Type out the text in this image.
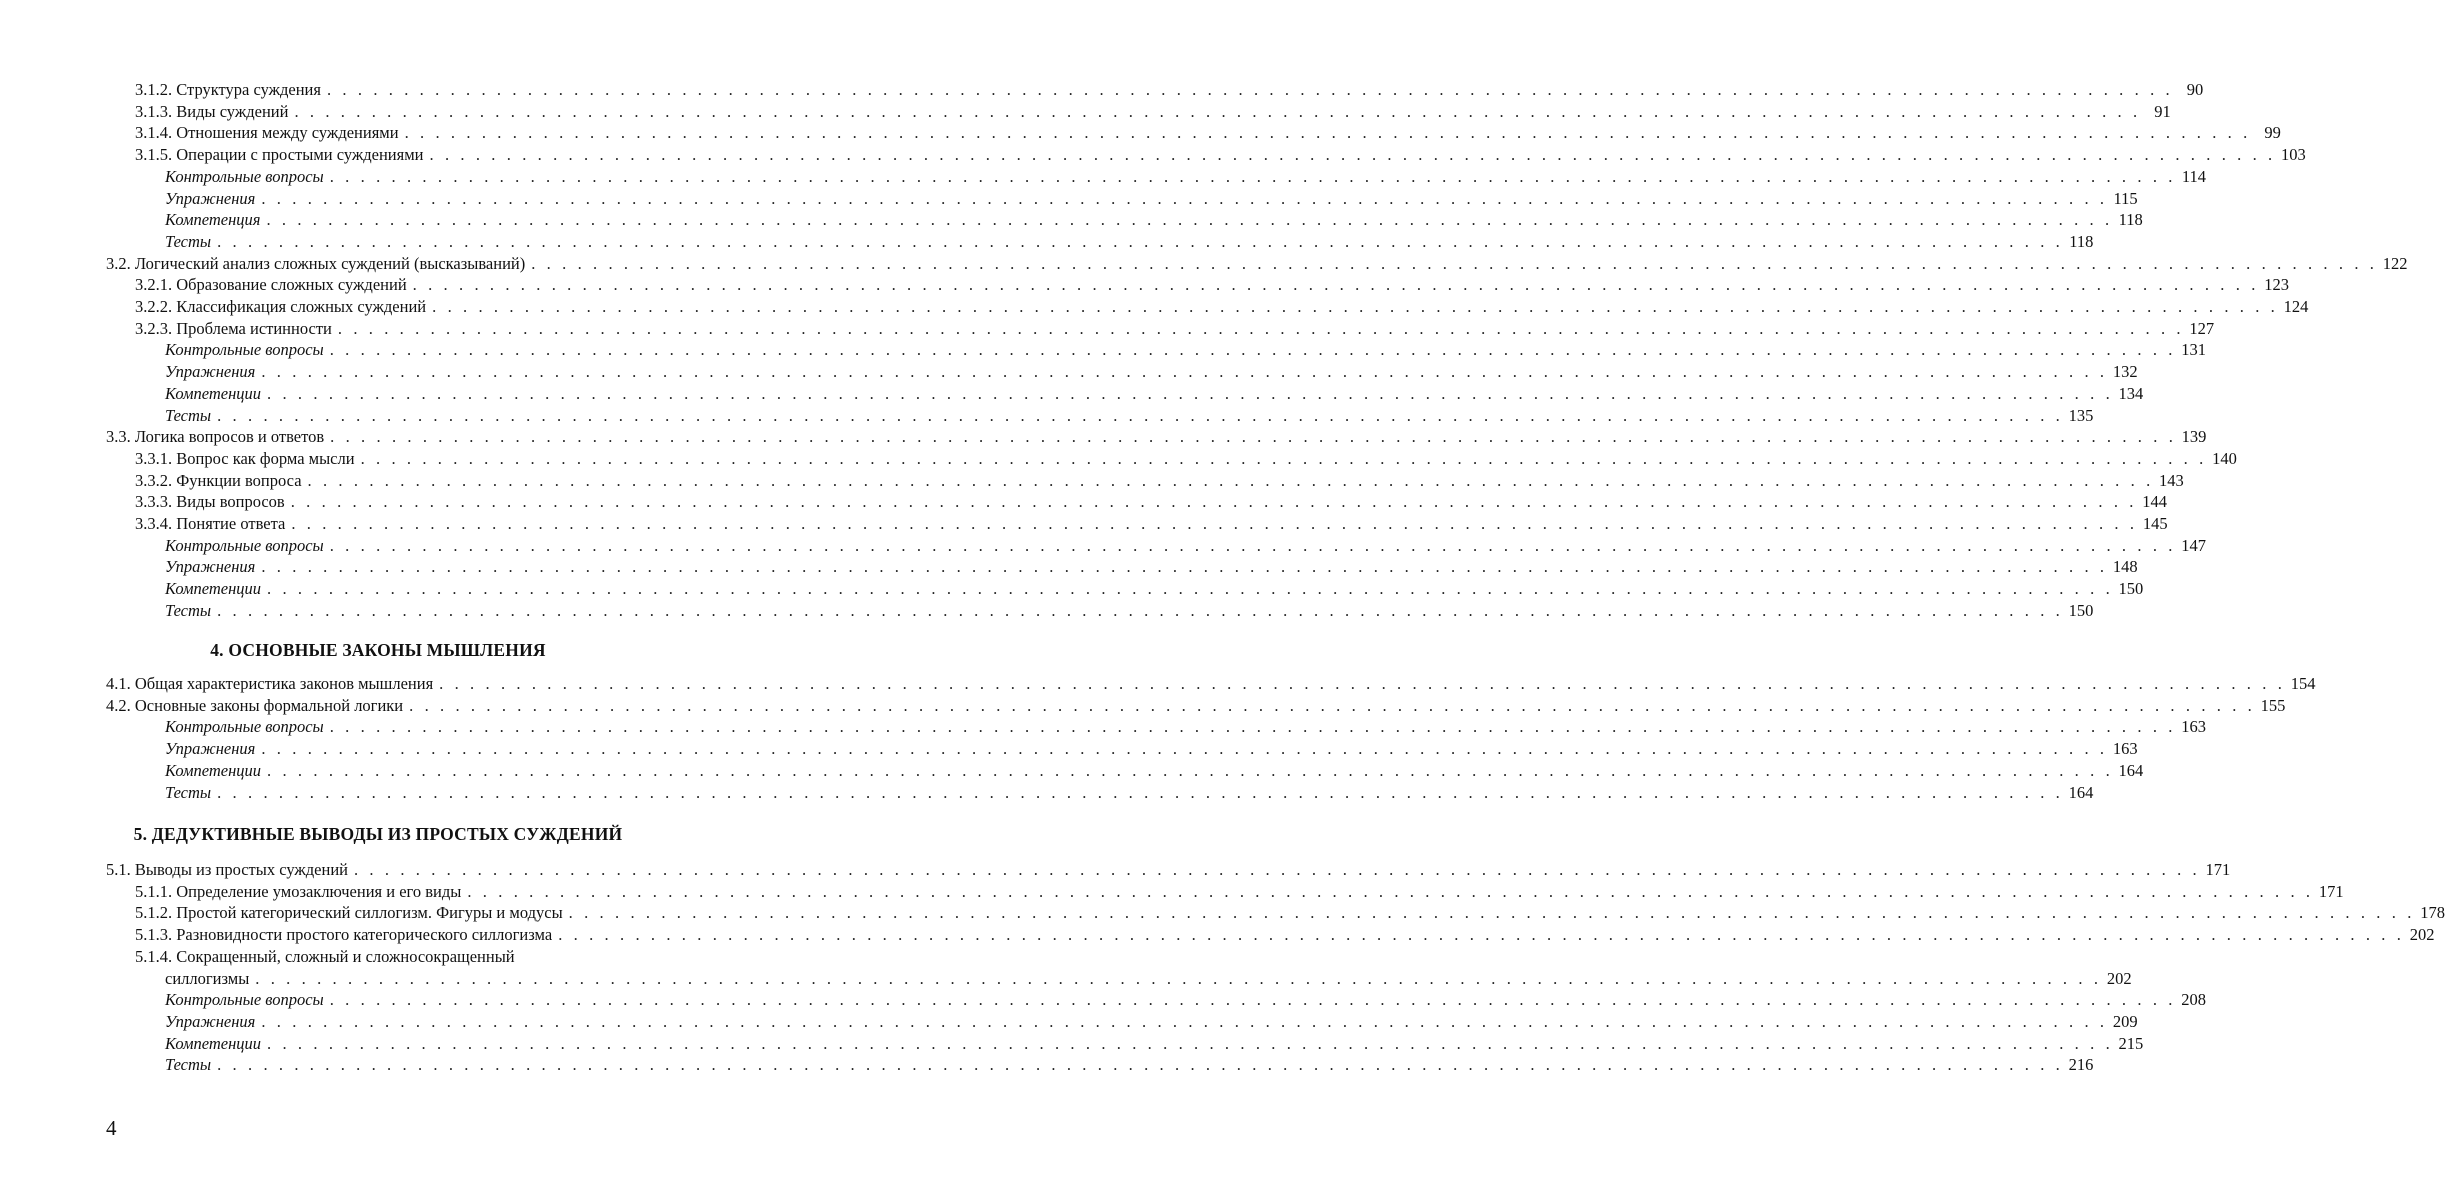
3.1.2. Структура суждения . . . . . . . . . . . . . . . . . . . . . . . . . . . . . . . . . . . . . . . . . . . . . . . . . . . . . . . . . . . . . . . . . . . . . . . . . . . . . . . . . . . . . . . . . . . . . . . . . . . . . . . . . . . . . . . . . . . . . . . . 90
3.1.3. Виды суждений . . . . . . . . . . . . . . . . . . . . . . . . . . . . . . . . . . . . . . . . . . . . . . . . . . . . . . . . . . . . . . . . . . . . . . . . . . . . . . . . . . . . . . . . . . . . . . . . . . . . . . . . . . . . . . . . . . . . . . . . 91
3.1.4. Отношения между суждениями . . . . . . . . . . . . . . . . . . . . . . . . . . . . . . . . . . . . . . . . . . . . . . . . . . . . . . . . . . . . . . . . . . . . . . . . . . . . . . . . . . . . . . . . . . . . . . . . . . . . . . . . . . . . . . . . . . . . . . . . 99
3.1.5. Операции с простыми суждениями . . . . . . . . . . . . . . . . . . . . . . . . . . . . . . . . . . . . . . . . . . . . . . . . . . . . . . . . . . . . . . . . . . . . . . . . . . . . . . . . . . . . . . . . . . . . . . . . . . . . . . . . . . . . . . . . . . . . . . . . 103
Контрольные вопросы . . . . . . . . . . . . . . . . . . . . . . . . . . . . . . . . . . . . . . . . . . . . . . . . . . . . . . . . . . . . . . . . . . . . . . . . . . . . . . . . . . . . . . . . . . . . . . . . . . . . . . . . . . . . . . . . . . . . . . . . 114
Упражнения . . . . . . . . . . . . . . . . . . . . . . . . . . . . . . . . . . . . . . . . . . . . . . . . . . . . . . . . . . . . . . . . . . . . . . . . . . . . . . . . . . . . . . . . . . . . . . . . . . . . . . . . . . . . . . . . . . . . . . . . 115
Компетенция . . . . . . . . . . . . . . . . . . . . . . . . . . . . . . . . . . . . . . . . . . . . . . . . . . . . . . . . . . . . . . . . . . . . . . . . . . . . . . . . . . . . . . . . . . . . . . . . . . . . . . . . . . . . . . . . . . . . . . . . 118
Тесты . . . . . . . . . . . . . . . . . . . . . . . . . . . . . . . . . . . . . . . . . . . . . . . . . . . . . . . . . . . . . . . . . . . . . . . . . . . . . . . . . . . . . . . . . . . . . . . . . . . . . . . . . . . . . . . . . . . . . . . . 118
3.2. Логический анализ сложных суждений (высказываний) . . . . . . . . . . . . . . . . . . . . . . . . . . . . . . . . . . . . . . . . . . . . . . . . . . . . . . . . . . . . . . . . . . . . . . . . . . . . . . . . . . . . . . . . . . . . . . . . . . . . . . . . . . . . . . . . . . . . . . . . 122
3.2.1. Образование сложных суждений . . . . . . . . . . . . . . . . . . . . . . . . . . . . . . . . . . . . . . . . . . . . . . . . . . . . . . . . . . . . . . . . . . . . . . . . . . . . . . . . . . . . . . . . . . . . . . . . . . . . . . . . . . . . . . . . . . . . . . . . 123
3.2.2. Классификация сложных суждений . . . . . . . . . . . . . . . . . . . . . . . . . . . . . . . . . . . . . . . . . . . . . . . . . . . . . . . . . . . . . . . . . . . . . . . . . . . . . . . . . . . . . . . . . . . . . . . . . . . . . . . . . . . . . . . . . . . . . . . . 124
3.2.3. Проблема истинности . . . . . . . . . . . . . . . . . . . . . . . . . . . . . . . . . . . . . . . . . . . . . . . . . . . . . . . . . . . . . . . . . . . . . . . . . . . . . . . . . . . . . . . . . . . . . . . . . . . . . . . . . . . . . . . . . . . . . . . . 127
Контрольные вопросы . . . . . . . . . . . . . . . . . . . . . . . . . . . . . . . . . . . . . . . . . . . . . . . . . . . . . . . . . . . . . . . . . . . . . . . . . . . . . . . . . . . . . . . . . . . . . . . . . . . . . . . . . . . . . . . . . . . . . . . . 131
Упражнения . . . . . . . . . . . . . . . . . . . . . . . . . . . . . . . . . . . . . . . . . . . . . . . . . . . . . . . . . . . . . . . . . . . . . . . . . . . . . . . . . . . . . . . . . . . . . . . . . . . . . . . . . . . . . . . . . . . . . . . . 132
Компетенции . . . . . . . . . . . . . . . . . . . . . . . . . . . . . . . . . . . . . . . . . . . . . . . . . . . . . . . . . . . . . . . . . . . . . . . . . . . . . . . . . . . . . . . . . . . . . . . . . . . . . . . . . . . . . . . . . . . . . . . . 134
Тесты . . . . . . . . . . . . . . . . . . . . . . . . . . . . . . . . . . . . . . . . . . . . . . . . . . . . . . . . . . . . . . . . . . . . . . . . . . . . . . . . . . . . . . . . . . . . . . . . . . . . . . . . . . . . . . . . . . . . . . . . 135
3.3. Логика вопросов и ответов . . . . . . . . . . . . . . . . . . . . . . . . . . . . . . . . . . . . . . . . . . . . . . . . . . . . . . . . . . . . . . . . . . . . . . . . . . . . . . . . . . . . . . . . . . . . . . . . . . . . . . . . . . . . . . . . . . . . . . . . 139
3.3.1. Вопрос как форма мысли . . . . . . . . . . . . . . . . . . . . . . . . . . . . . . . . . . . . . . . . . . . . . . . . . . . . . . . . . . . . . . . . . . . . . . . . . . . . . . . . . . . . . . . . . . . . . . . . . . . . . . . . . . . . . . . . . . . . . . . . 140
3.3.2. Функции вопроса . . . . . . . . . . . . . . . . . . . . . . . . . . . . . . . . . . . . . . . . . . . . . . . . . . . . . . . . . . . . . . . . . . . . . . . . . . . . . . . . . . . . . . . . . . . . . . . . . . . . . . . . . . . . . . . . . . . . . . . . 143
3.3.3. Виды вопросов . . . . . . . . . . . . . . . . . . . . . . . . . . . . . . . . . . . . . . . . . . . . . . . . . . . . . . . . . . . . . . . . . . . . . . . . . . . . . . . . . . . . . . . . . . . . . . . . . . . . . . . . . . . . . . . . . . . . . . . . 144
3.3.4. Понятие ответа . . . . . . . . . . . . . . . . . . . . . . . . . . . . . . . . . . . . . . . . . . . . . . . . . . . . . . . . . . . . . . . . . . . . . . . . . . . . . . . . . . . . . . . . . . . . . . . . . . . . . . . . . . . . . . . . . . . . . . . . 145
Контрольные вопросы . . . . . . . . . . . . . . . . . . . . . . . . . . . . . . . . . . . . . . . . . . . . . . . . . . . . . . . . . . . . . . . . . . . . . . . . . . . . . . . . . . . . . . . . . . . . . . . . . . . . . . . . . . . . . . . . . . . . . . . . 147
Упражнения . . . . . . . . . . . . . . . . . . . . . . . . . . . . . . . . . . . . . . . . . . . . . . . . . . . . . . . . . . . . . . . . . . . . . . . . . . . . . . . . . . . . . . . . . . . . . . . . . . . . . . . . . . . . . . . . . . . . . . . . 148
Компетенции . . . . . . . . . . . . . . . . . . . . . . . . . . . . . . . . . . . . . . . . . . . . . . . . . . . . . . . . . . . . . . . . . . . . . . . . . . . . . . . . . . . . . . . . . . . . . . . . . . . . . . . . . . . . . . . . . . . . . . . . 150
Тесты . . . . . . . . . . . . . . . . . . . . . . . . . . . . . . . . . . . . . . . . . . . . . . . . . . . . . . . . . . . . . . . . . . . . . . . . . . . . . . . . . . . . . . . . . . . . . . . . . . . . . . . . . . . . . . . . . . . . . . . . 150
4. ОСНОВНЫЕ ЗАКОНЫ МЫШЛЕНИЯ
4.1. Общая характеристика законов мышления . . . . . . . . . . . . . . . . . . . . . . . . . . . . . . . . . . . . . . . . . . . . . . . . . . . . . . . . . . . . . . . . . . . . . . . . . . . . . . . . . . . . . . . . . . . . . . . . . . . . . . . . . . . . . . . . . . . . . . . . 154
4.2. Основные законы формальной логики . . . . . . . . . . . . . . . . . . . . . . . . . . . . . . . . . . . . . . . . . . . . . . . . . . . . . . . . . . . . . . . . . . . . . . . . . . . . . . . . . . . . . . . . . . . . . . . . . . . . . . . . . . . . . . . . . . . . . . . . 155
Контрольные вопросы . . . . . . . . . . . . . . . . . . . . . . . . . . . . . . . . . . . . . . . . . . . . . . . . . . . . . . . . . . . . . . . . . . . . . . . . . . . . . . . . . . . . . . . . . . . . . . . . . . . . . . . . . . . . . . . . . . . . . . . . 163
Упражнения . . . . . . . . . . . . . . . . . . . . . . . . . . . . . . . . . . . . . . . . . . . . . . . . . . . . . . . . . . . . . . . . . . . . . . . . . . . . . . . . . . . . . . . . . . . . . . . . . . . . . . . . . . . . . . . . . . . . . . . . 163
Компетенции . . . . . . . . . . . . . . . . . . . . . . . . . . . . . . . . . . . . . . . . . . . . . . . . . . . . . . . . . . . . . . . . . . . . . . . . . . . . . . . . . . . . . . . . . . . . . . . . . . . . . . . . . . . . . . . . . . . . . . . . 164
Тесты . . . . . . . . . . . . . . . . . . . . . . . . . . . . . . . . . . . . . . . . . . . . . . . . . . . . . . . . . . . . . . . . . . . . . . . . . . . . . . . . . . . . . . . . . . . . . . . . . . . . . . . . . . . . . . . . . . . . . . . . 164
5. ДЕДУКТИВНЫЕ ВЫВОДЫ ИЗ ПРОСТЫХ СУЖДЕНИЙ
5.1. Выводы из простых суждений . . . . . . . . . . . . . . . . . . . . . . . . . . . . . . . . . . . . . . . . . . . . . . . . . . . . . . . . . . . . . . . . . . . . . . . . . . . . . . . . . . . . . . . . . . . . . . . . . . . . . . . . . . . . . . . . . . . . . . . . 171
5.1.1. Определение умозаключения и его виды . . . . . . . . . . . . . . . . . . . . . . . . . . . . . . . . . . . . . . . . . . . . . . . . . . . . . . . . . . . . . . . . . . . . . . . . . . . . . . . . . . . . . . . . . . . . . . . . . . . . . . . . . . . . . . . . . . . . . . . . 171
5.1.2. Простой категорический силлогизм. Фигуры и модусы . . . . . . . . . . . . . . . . . . . . . . . . . . . . . . . . . . . . . . . . . . . . . . . . . . . . . . . . . . . . . . . . . . . . . . . . . . . . . . . . . . . . . . . . . . . . . . . . . . . . . . . . . . . . . . . . . . . . . . . . 178
5.1.3. Разновидности простого категорического силлогизма . . . . . . . . . . . . . . . . . . . . . . . . . . . . . . . . . . . . . . . . . . . . . . . . . . . . . . . . . . . . . . . . . . . . . . . . . . . . . . . . . . . . . . . . . . . . . . . . . . . . . . . . . . . . . . . . . . . . . . . . 202
5.1.4. Сокращенный, сложный и сложносокращенный
силлогизмы . . . . . . . . . . . . . . . . . . . . . . . . . . . . . . . . . . . . . . . . . . . . . . . . . . . . . . . . . . . . . . . . . . . . . . . . . . . . . . . . . . . . . . . . . . . . . . . . . . . . . . . . . . . . . . . . . . . . . . . . 202
Контрольные вопросы . . . . . . . . . . . . . . . . . . . . . . . . . . . . . . . . . . . . . . . . . . . . . . . . . . . . . . . . . . . . . . . . . . . . . . . . . . . . . . . . . . . . . . . . . . . . . . . . . . . . . . . . . . . . . . . . . . . . . . . . 208
Упражнения . . . . . . . . . . . . . . . . . . . . . . . . . . . . . . . . . . . . . . . . . . . . . . . . . . . . . . . . . . . . . . . . . . . . . . . . . . . . . . . . . . . . . . . . . . . . . . . . . . . . . . . . . . . . . . . . . . . . . . . . 209
Компетенции . . . . . . . . . . . . . . . . . . . . . . . . . . . . . . . . . . . . . . . . . . . . . . . . . . . . . . . . . . . . . . . . . . . . . . . . . . . . . . . . . . . . . . . . . . . . . . . . . . . . . . . . . . . . . . . . . . . . . . . . 215
Тесты . . . . . . . . . . . . . . . . . . . . . . . . . . . . . . . . . . . . . . . . . . . . . . . . . . . . . . . . . . . . . . . . . . . . . . . . . . . . . . . . . . . . . . . . . . . . . . . . . . . . . . . . . . . . . . . . . . . . . . . . 216
4
